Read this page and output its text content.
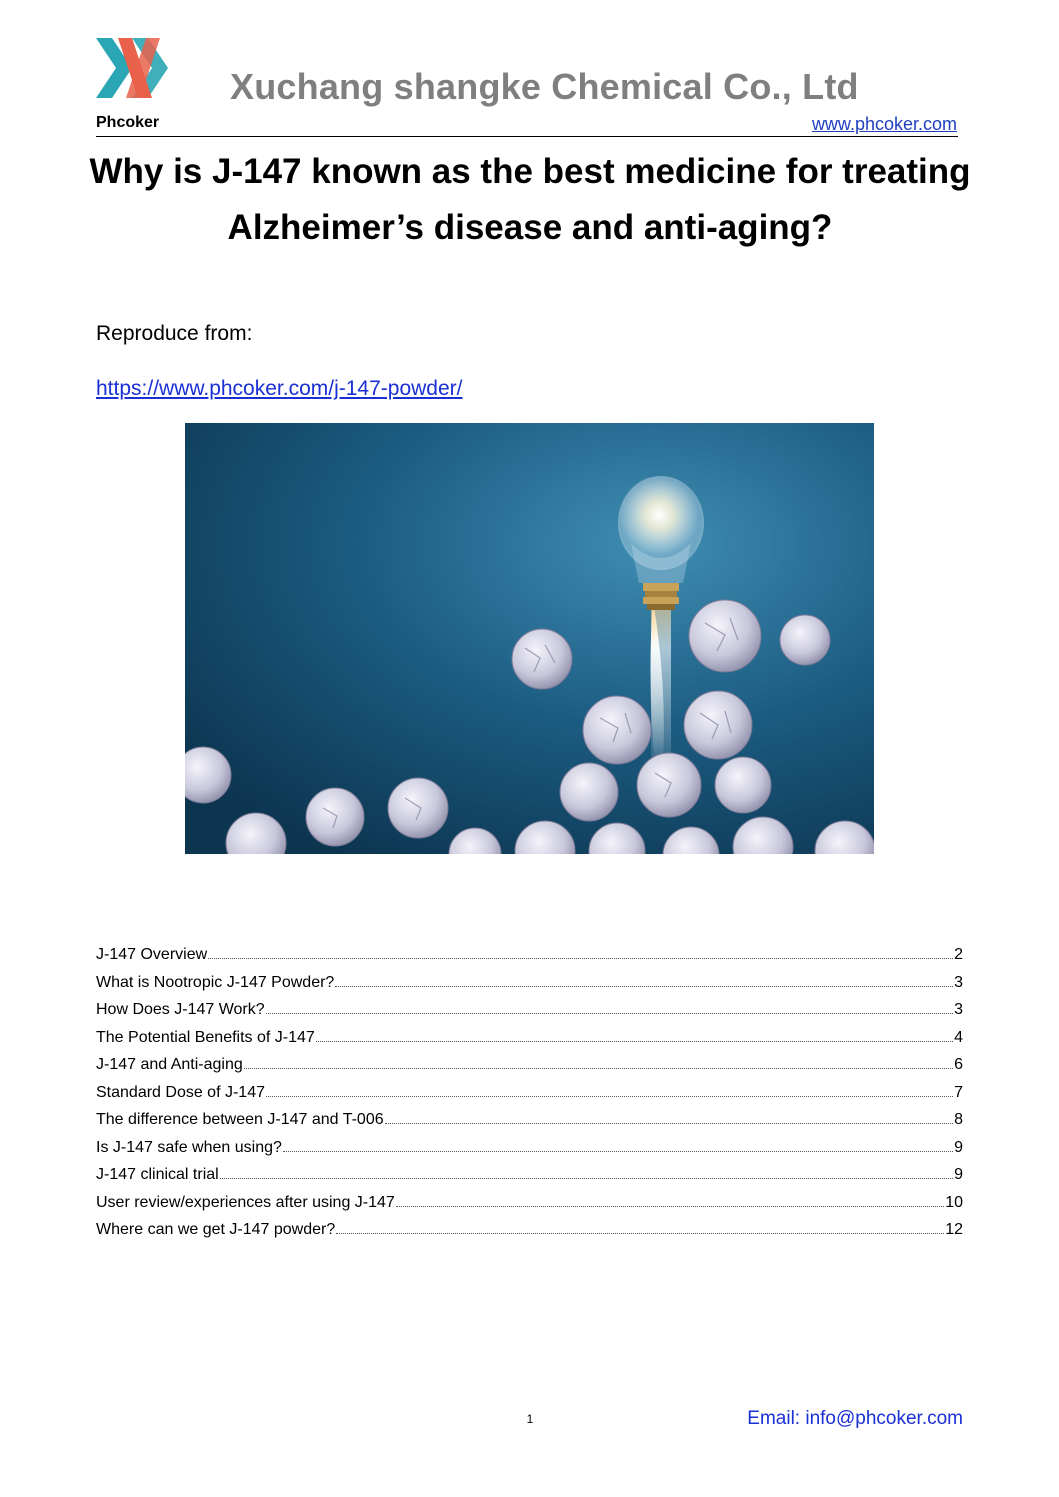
Phcoker
Xuchang shangke Chemical Co., Ltd
www.phcoker.com
Why is J-147 known as the best medicine for treating
Alzheimer’s disease and anti-aging?
Reproduce from:
https://www.phcoker.com/j-147-powder/
J-147 Overview	2
What is Nootropic J-147 Powder?	3
How Does J-147 Work?	3
The Potential Benefits of J-147	4
J-147 and Anti-aging	6
Standard Dose of J-147	7
The difference between J-147 and T-006	8
Is J-147 safe when using?	9
J-147 clinical trial	9
User review/experiences after using J-147	10
Where can we get J-147 powder?	12
1	Email: info@phcoker.com
